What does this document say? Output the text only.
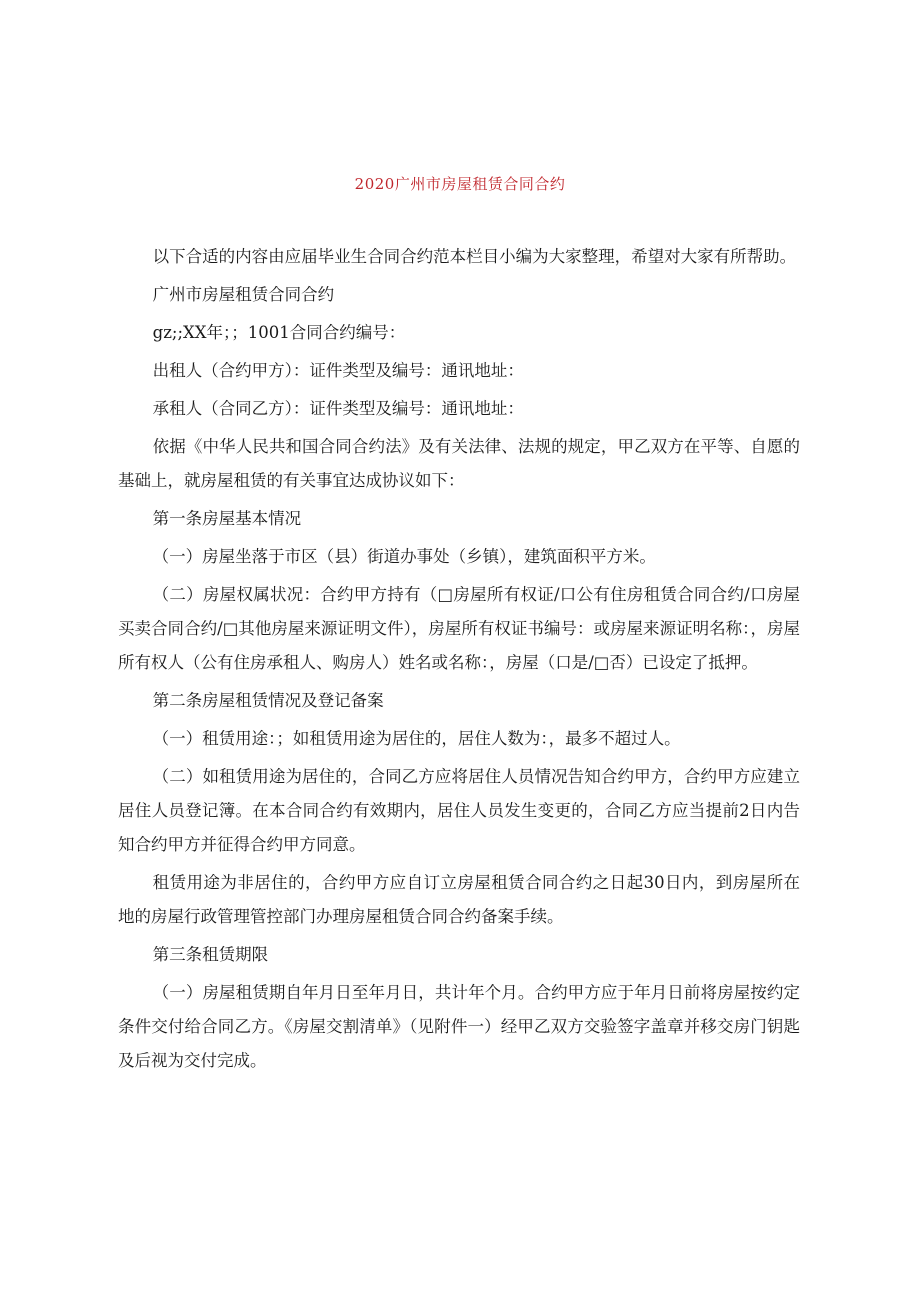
2020广州市房屋租赁合同合约

以下合适的内容由应届毕业生合同合约范本栏目小编为大家整理，希望对大家有所帮助。

广州市房屋租赁合同合约

gz;;XX年；；1001合同合约编号：

出租人（合约甲方）：证件类型及编号：通讯地址：

承租人（合同乙方）：证件类型及编号：通讯地址：

依据《中华人民共和国合同合约法》及有关法律、法规的规定，甲乙双方在平等、自愿的基础上，就房屋租赁的有关事宜达成协议如下：

第一条房屋基本情况

（一）房屋坐落于市区（县）街道办事处（乡镇），建筑面积平方米。

（二）房屋权属状况：合约甲方持有（□房屋所有权证/口公有住房租赁合同合约/口房屋买卖合同合约/□其他房屋来源证明文件），房屋所有权证书编号：或房屋来源证明名称：，房屋所有权人（公有住房承租人、购房人）姓名或名称：，房屋（口是/□否）已设定了抵押。

第二条房屋租赁情况及登记备案

（一）租赁用途：；如租赁用途为居住的，居住人数为：，最多不超过人。

（二）如租赁用途为居住的，合同乙方应将居住人员情况告知合约甲方，合约甲方应建立居住人员登记簿。在本合同合约有效期内，居住人员发生变更的，合同乙方应当提前2日内告知合约甲方并征得合约甲方同意。

租赁用途为非居住的，合约甲方应自订立房屋租赁合同合约之日起30日内，到房屋所在地的房屋行政管理管控部门办理房屋租赁合同合约备案手续。

第三条租赁期限

（一）房屋租赁期自年月日至年月日，共计年个月。合约甲方应于年月日前将房屋按约定条件交付给合同乙方。《房屋交割清单》（见附件一）经甲乙双方交验签字盖章并移交房门钥匙及后视为交付完成。
